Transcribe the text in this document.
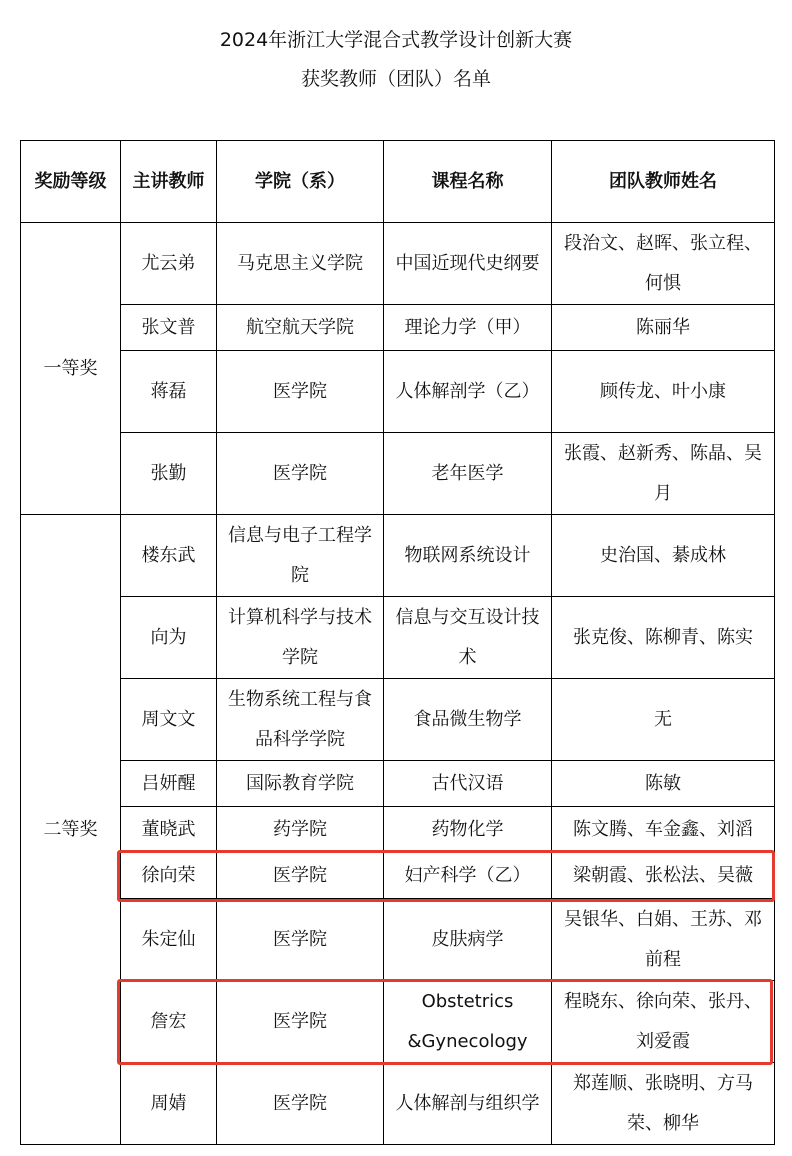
2024年浙江大学混合式教学设计创新大赛
获奖教师（团队）名单
奖励等级	主讲教师	学院（系）	课程名称	团队教师姓名
一等奖	尤云弟	马克思主义学院	中国近现代史纲要	段治文、赵晖、张立程、何惧
	张文普	航空航天学院	理论力学（甲）	陈丽华
	蒋磊	医学院	人体解剖学（乙）	顾传龙、叶小康
	张勤	医学院	老年医学	张霞、赵新秀、陈晶、吴月
二等奖	楼东武	信息与电子工程学院	物联网系统设计	史治国、綦成林
	向为	计算机科学与技术学院	信息与交互设计技术	张克俊、陈柳青、陈实
	周文文	生物系统工程与食品科学学院	食品微生物学	无
	吕妍醒	国际教育学院	古代汉语	陈敏
	董晓武	药学院	药物化学	陈文腾、车金鑫、刘滔
	徐向荣	医学院	妇产科学（乙）	梁朝霞、张松法、吴薇
	朱定仙	医学院	皮肤病学	吴银华、白娟、王苏、邓前程
	詹宏	医学院	Obstetrics &Gynecology	程晓东、徐向荣、张丹、刘爱霞
	周婧	医学院	人体解剖与组织学	郑莲顺、张晓明、方马荣、柳华
